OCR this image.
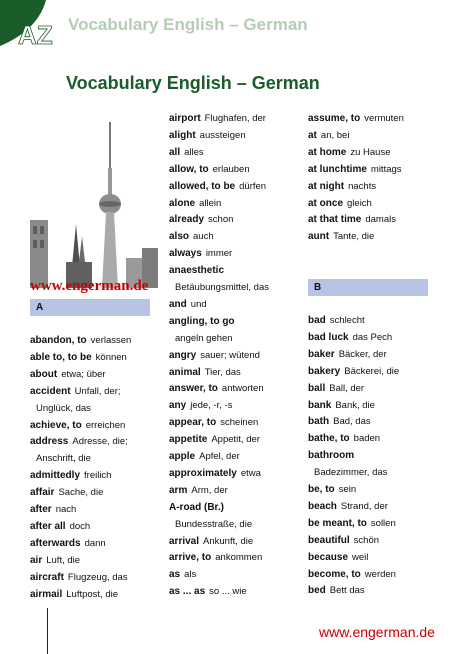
AZ Vocabulary English – German
Vocabulary English – German
www.engerman.de
A
B
abandon, to verlassen
able to, to be können
about etwa; über
accident Unfall, der;
Unglück, das
achieve, to erreichen
address Adresse, die;
Anschrift, die
admittedly freilich
affair Sache, die
after nach
after all doch
afterwards dann
air Luft, die
aircraft Flugzeug, das
airmail Luftpost, die
airport Flughafen, der
alight aussteigen
all alles
allow, to erlauben
allowed, to be dürfen
alone allein
already schon
also auch
always immer
anaesthetic
Betäubungsmittel, das
and und
angling, to go
angeln gehen
angry sauer; wütend
animal Tier, das
answer, to antworten
any jede, -r, -s
appear, to scheinen
appetite Appetit, der
apple Apfel, der
approximately etwa
arm Arm, der
A-road (Br.)
Bundesstraße, die
arrival Ankunft, die
arrive, to ankommen
as als
as ... as so ... wie
assume, to vermuten
at an, bei
at home zu Hause
at lunchtime mittags
at night nachts
at once gleich
at that time damals
aunt Tante, die
bad schlecht
bad luck das Pech
baker Bäcker, der
bakery Bäckerei, die
ball Ball, der
bank Bank, die
bath Bad, das
bathe, to baden
bathroom
Badezimmer, das
be, to sein
beach Strand, der
be meant, to sollen
beautiful schön
because weil
become, to werden
bed Bett das
www.engerman.de
